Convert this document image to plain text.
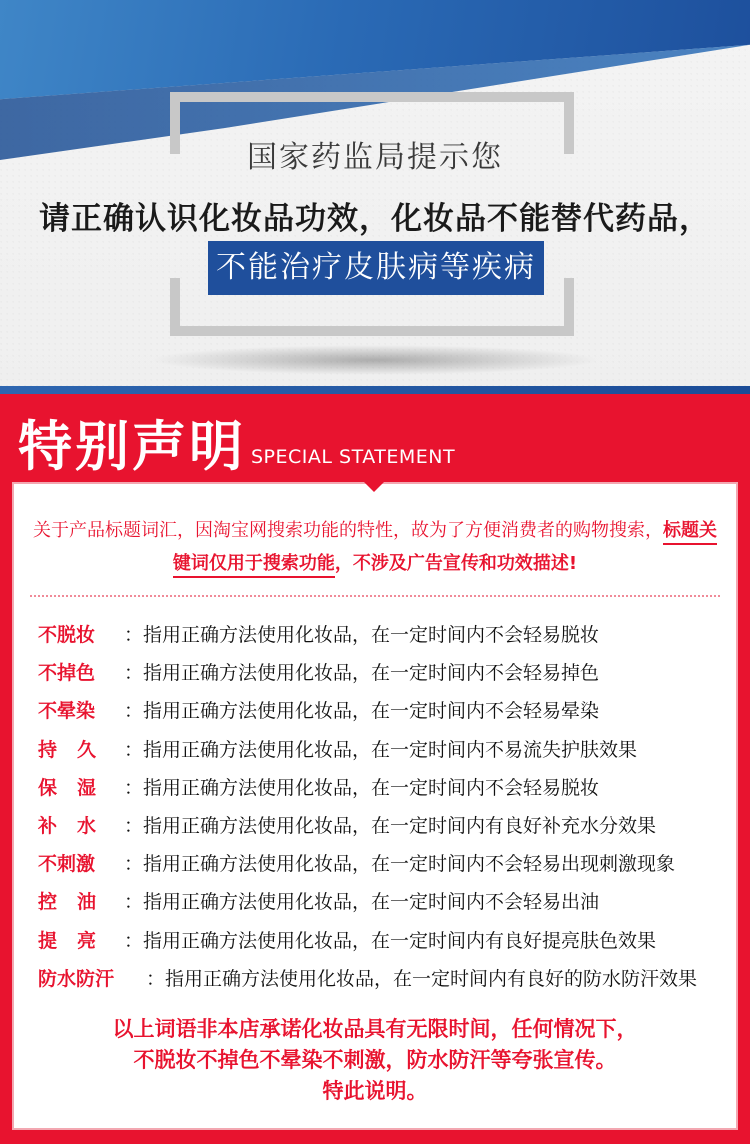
国家药监局提示您
请正确认识化妆品功效，化妆品不能替代药品，
不能治疗皮肤病等疾病
特别声明 SPECIAL STATEMENT
关于产品标题词汇，因淘宝网搜索功能的特性，故为了方便消费者的购物搜索，标题关键词仅用于搜索功能，不涉及广告宣传和功效描述!
不脱妆 ：指用正确方法使用化妆品，在一定时间内不会轻易脱妆
不掉色 ：指用正确方法使用化妆品，在一定时间内不会轻易掉色
不晕染 ：指用正确方法使用化妆品，在一定时间内不会轻易晕染
持久 ：指用正确方法使用化妆品，在一定时间内不易流失护肤效果
保湿 ：指用正确方法使用化妆品，在一定时间内不会轻易脱妆
补水 ：指用正确方法使用化妆品，在一定时间内有良好补充水分效果
不刺激 ：指用正确方法使用化妆品，在一定时间内不会轻易出现刺激现象
控油 ：指用正确方法使用化妆品，在一定时间内不会轻易出油
提亮 ：指用正确方法使用化妆品，在一定时间内有良好提亮肤色效果
防水防汗 ：指用正确方法使用化妆品，在一定时间内有良好的防水防汗效果
以上词语非本店承诺化妆品具有无限时间，任何情况下，
不脱妆不掉色不晕染不刺激，防水防汗等夸张宣传。
特此说明。
